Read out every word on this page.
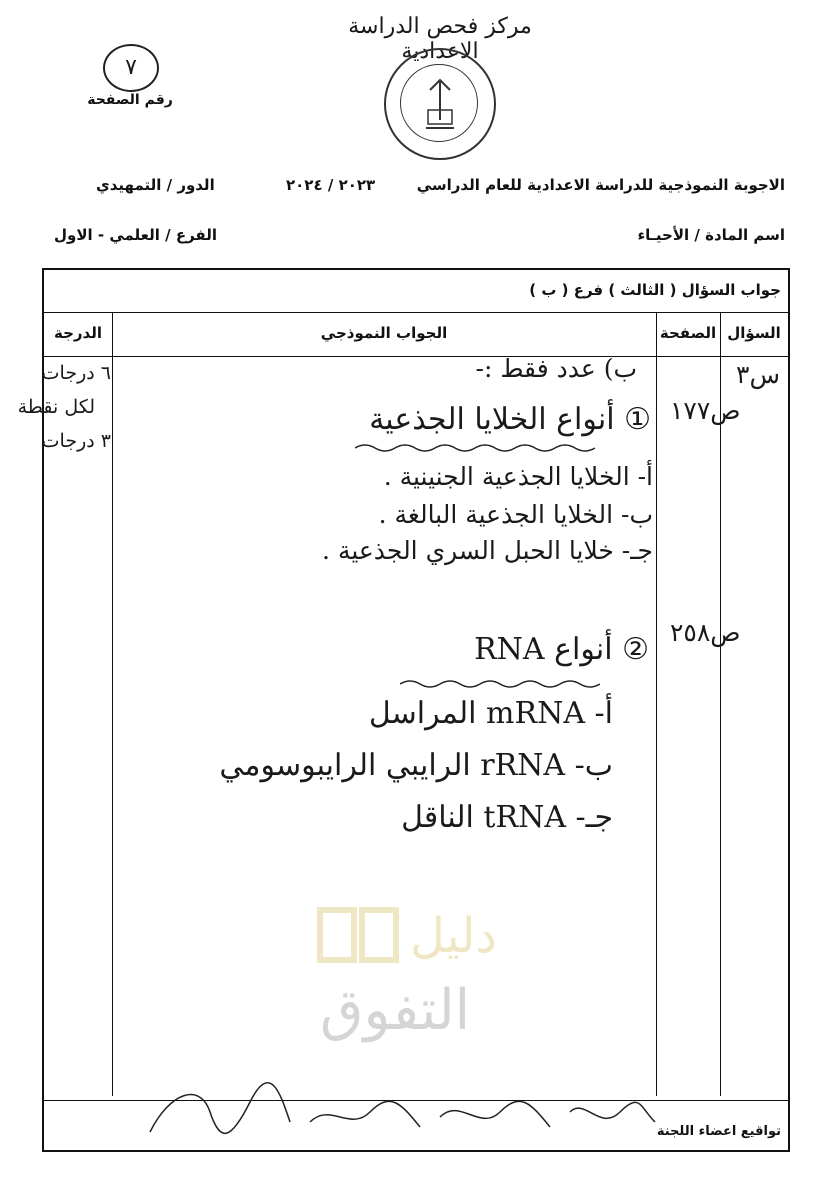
مركز فحص الدراسة الاعدادية
٧
رقم الصفحة
الاجوبة النموذجية للدراسة الاعدادية للعام الدراسي
٢٠٢٣ / ٢٠٢٤
الدور / التمهيدي
اسم المادة / الأحيـاء
الفرع / العلمي - الاول
السؤال
الصفحة
الجواب النموذجي
الدرجة
جواب السؤال ( الثالث ) فرع ( ب )
س٣
ب) عدد فقط :-
ص١٧٧
ص٢٥٨
٦ درجات
لكل نقطة
٣ درجات
① أنواع الخلايا الجذعية
أ- الخلايا الجذعية الجنينية .
ب- الخلايا الجذعية البالغة .
جـ- خلايا الحبل السري الجذعية .
② أنواع RNA
أ- mRNA المراسل
ب- rRNA الرايبي الرايبوسومي
جـ- tRNA الناقل
دليل
التفوق
تواقيع اعضاء اللجنة
